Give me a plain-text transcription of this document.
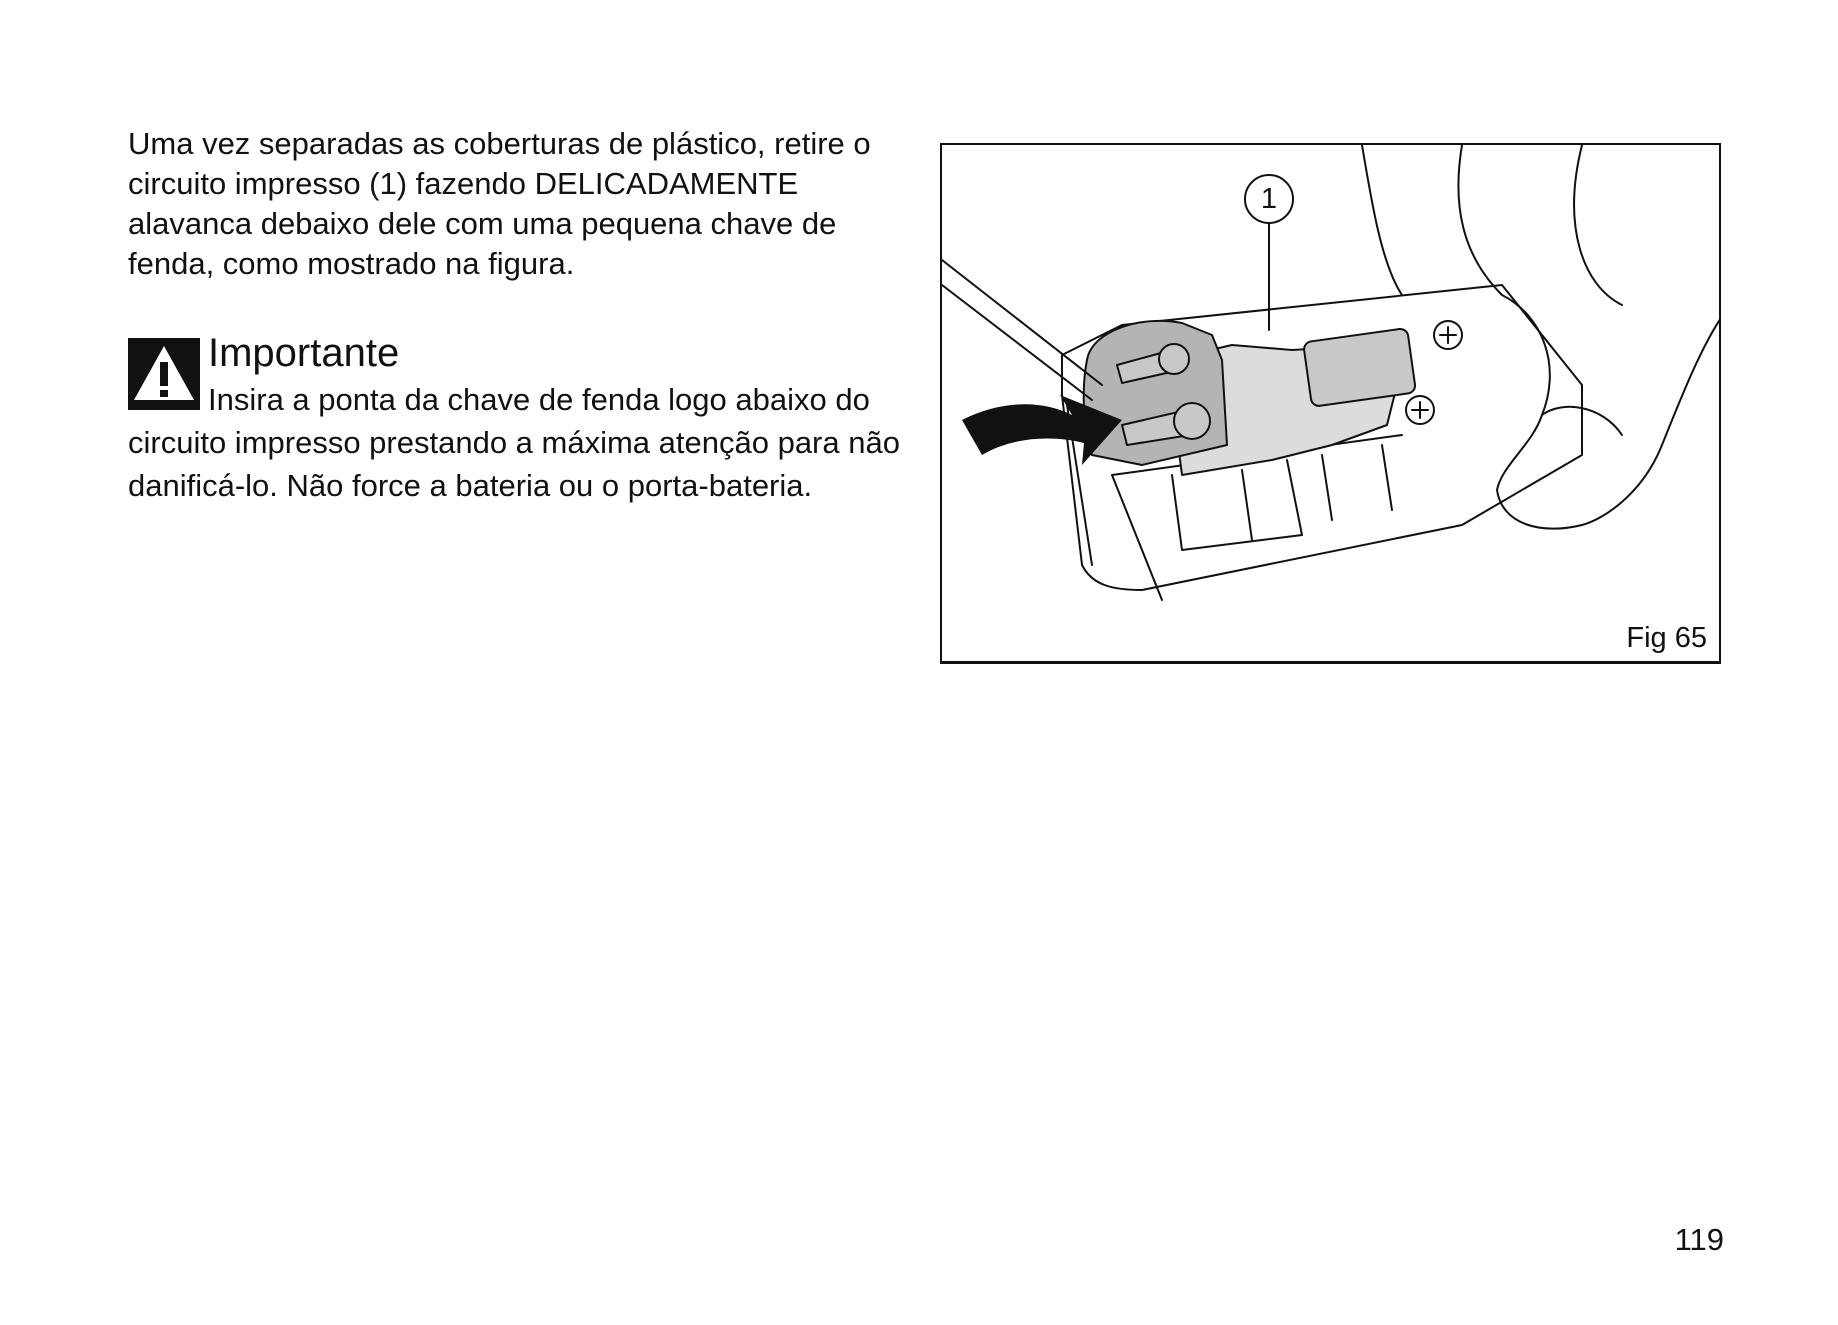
Uma vez separadas as coberturas de plástico, retire o circuito impresso (1) fazendo DELICADAMENTE alavanca debaixo dele com uma pequena chave de fenda, como mostrado na figura.

Importante

Insira a ponta da chave de fenda logo abaixo do circuito impresso prestando a máxima atenção para não danificá-lo. Não force a bateria ou o porta-bateria.

1
Fig 65
119
